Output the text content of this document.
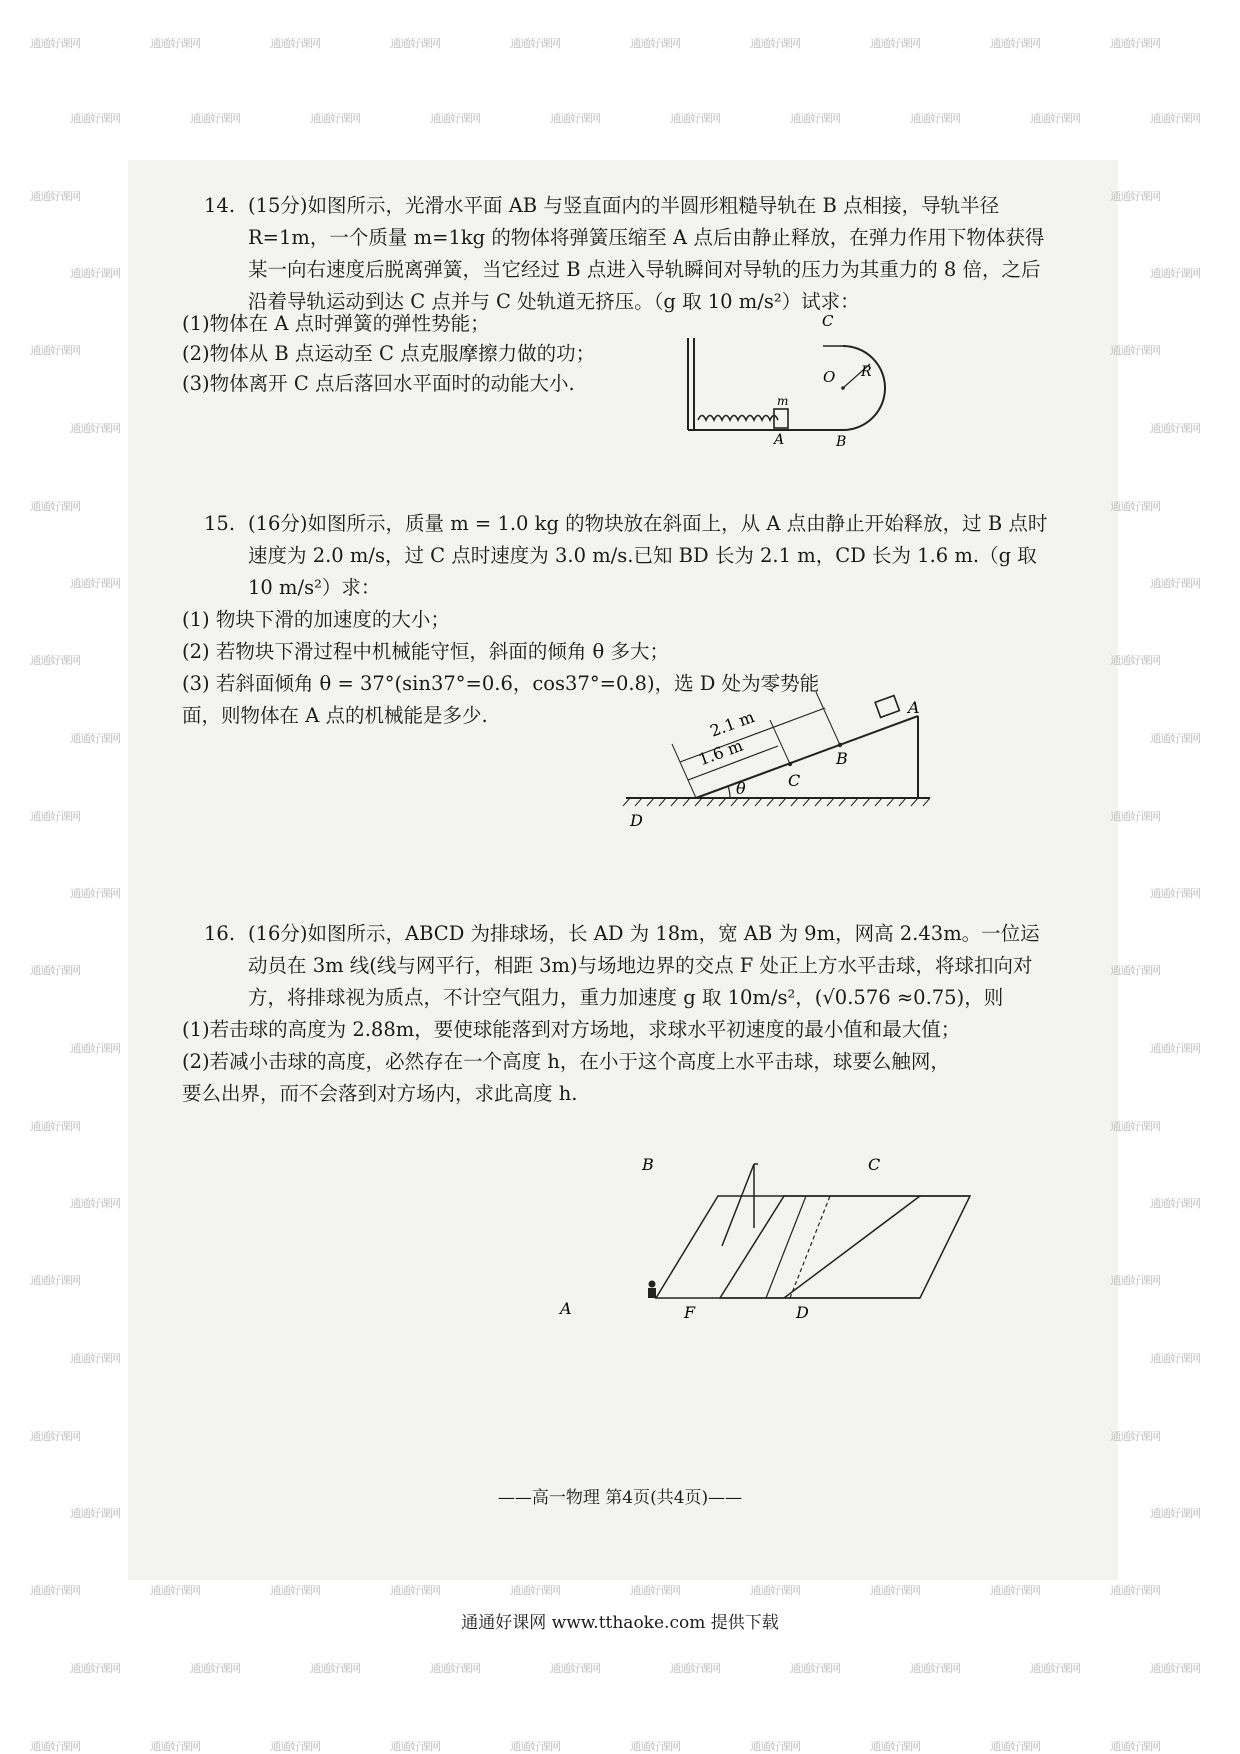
通通好课网	通通好课网	通通好课网	通通好课网	通通好课网	通通好课网	通通好课网	通通好课网	通通好课网	通通好课网
通通好课网	通通好课网	通通好课网	通通好课网	通通好课网	通通好课网	通通好课网	通通好课网	通通好课网	通通好课网
通通好课网	通通好课网
通通好课网	通通好课网
通通好课网	通通好课网
通通好课网	通通好课网
通通好课网	通通好课网
通通好课网	通通好课网
通通好课网	通通好课网
通通好课网	通通好课网
通通好课网	通通好课网
通通好课网	通通好课网
通通好课网	通通好课网
通通好课网	通通好课网
通通好课网	通通好课网
通通好课网	通通好课网
通通好课网	通通好课网
通通好课网	通通好课网
通通好课网	通通好课网
通通好课网	通通好课网
通通好课网	通通好课网	通通好课网	通通好课网	通通好课网	通通好课网	通通好课网	通通好课网	通通好课网	通通好课网
通通好课网	通通好课网	通通好课网	通通好课网	通通好课网	通通好课网	通通好课网	通通好课网	通通好课网	通通好课网
通通好课网	通通好课网	通通好课网	通通好课网	通通好课网	通通好课网	通通好课网	通通好课网	通通好课网	通通好课网
14. (15分)如图所示，光滑水平面 AB 与竖直面内的半圆形粗糙导轨在 B 点相接，导轨半径 R=1m，一个质量 m=1kg 的物体将弹簧压缩至 A 点后由静止释放，在弹力作用下物体获得某一向右速度后脱离弹簧，当它经过 B 点进入导轨瞬间对导轨的压力为其重力的 8 倍，之后沿着导轨运动到达 C 点并与 C 处轨道无挤压。（g 取 10 m/s²）试求：
(1)物体在 A 点时弹簧的弹性势能；
(2)物体从 B 点运动至 C 点克服摩擦力做的功；
(3)物体离开 C 点后落回水平面时的动能大小.
C
O R
m
A	B
15. (16分)如图所示，质量 m = 1.0 kg 的物块放在斜面上，从 A 点由静止开始释放，过 B 点时速度为 2.0 m/s，过 C 点时速度为 3.0 m/s.已知 BD 长为 2.1 m，CD 长为 1.6 m.（g 取 10 m/s²）求：
(1) 物块下滑的加速度的大小；
(2) 若物块下滑过程中机械能守恒，斜面的倾角 θ 多大；
(3) 若斜面倾角 θ = 37°(sin37°=0.6，cos37°=0.8)，选 D 处为零势能面，则物体在 A 点的机械能是多少.	2.1 m
1.6 m
A
B
C
D
θ
16. (16分)如图所示，ABCD 为排球场，长 AD 为 18m，宽 AB 为 9m，网高 2.43m。一位运动员在 3m 线(线与网平行，相距 3m)与场地边界的交点 F 处正上方水平击球，将球扣向对方，将排球视为质点，不计空气阻力，重力加速度 g 取 10m/s²，(√0.576 ≈0.75)，则
(1)若击球的高度为 2.88m，要使球能落到对方场地，求球水平初速度的最小值和最大值；
(2)若减小击球的高度，必然存在一个高度 h，在小于这个高度上水平击球，球要么触网，要么出界，而不会落到对方场内，求此高度 h.
B	C
A	F	D
——高一物理 第4页(共4页)——
通通好课网 www.tthaoke.com 提供下载
